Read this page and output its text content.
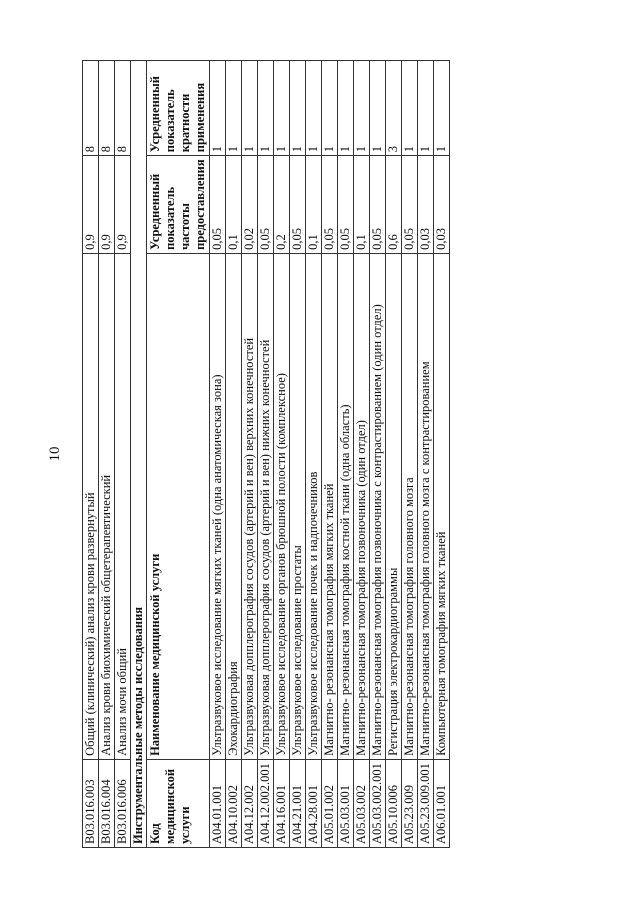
10
B03.016.003	Общий (клинический) анализ крови развернутый	0,9	8
B03.016.004	Анализ крови биохимический общетерапевтический	0,9	8
B03.016.006	Анализ мочи общий	0,9	8
Инструментальные методы исследования			
Код медицинской услуги	Наименование медицинской услуги	Усредненный показатель частоты предоставления	Усредненный показатель кратности применения
A04.01.001	Ультразвуковое исследование мягких тканей (одна анатомическая зона)	0,05	1
A04.10.002	Эхокардиография	0,1	1
A04.12.002	Ультразвуковая допплерография сосудов (артерий и вен) верхних конечностей	0,02	1
A04.12.002.001	Ультразвуковая допплерография сосудов (артерий и вен) нижних конечностей	0,05	1
A04.16.001	Ультразвуковое исследование органов брюшной полости (комплексное)	0,2	1
A04.21.001	Ультразвуковое исследование простаты	0,05	1
A04.28.001	Ультразвуковое исследование почек и надпочечников	0,1	1
A05.01.002	Магнитно- резонансная томография мягких тканей	0,05	1
A05.03.001	Магнитно- резонансная томография костной ткани (одна область)	0,05	1
A05.03.002	Магнитно-резонансная томография позвоночника (один отдел)	0,1	1
A05.03.002.001	Магнитно-резонансная томография позвоночника с контрастированием (один отдел)	0,05	1
A05.10.006	Регистрация электрокардиограммы	0,6	3
A05.23.009	Магнитно-резонансная томография головного мозга	0,05	1
A05.23.009.001	Магнитно-резонансная томография головного мозга с контрастированием	0,03	1
A06.01.001	Компьютерная томография мягких тканей	0,03	1
